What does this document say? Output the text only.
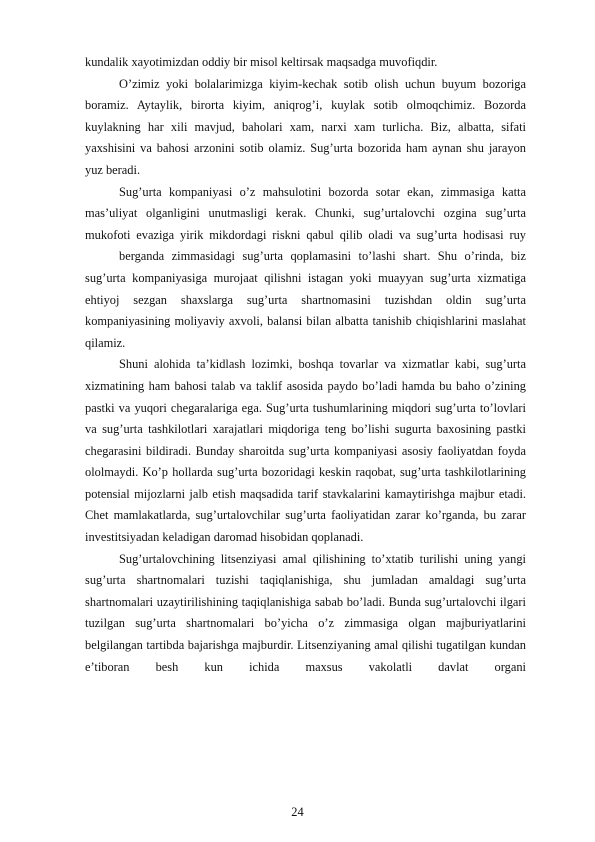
kundalik xayotimizdan oddiy bir misol keltirsak maqsadga muvofiqdir.

O’zimiz yoki bolalarimizga kiyim-kechak sotib olish uchun buyum bozoriga boramiz. Aytaylik, birorta kiyim, aniqrog’i, kuylak sotib olmoqchimiz. Bozorda kuylakning har xili mavjud, baholari xam, narxi xam turlicha. Biz, albatta, sifati yaxshisini va bahosi arzonini sotib olamiz. Sug’urta bozorida ham aynan shu jarayon yuz beradi.

Sug’urta kompaniyasi o’z mahsulotini bozorda sotar ekan, zimmasiga katta mas’uliyat olganligini unutmasligi kerak. Chunki, sug’urtalovchi ozgina sug’urta mukofoti evaziga yirik mikdordagi riskni qabul qilib oladi va sug’urta hodisasi ruy

berganda zimmasidagi sug’urta qoplamasini to’lashi shart. Shu o’rinda, biz sug’urta kompaniyasiga murojaat qilishni istagan yoki muayyan sug’urta xizmatiga ehtiyoj sezgan shaxslarga sug’urta shartnomasini tuzishdan oldin sug’urta kompaniyasining moliyaviy axvoli, balansi bilan albatta tanishib chiqishlarini maslahat qilamiz.

Shuni alohida ta’kidlash lozimki, boshqa tovarlar va xizmatlar kabi, sug’urta xizmatining ham bahosi talab va taklif asosida paydo bo’ladi hamda bu baho o’zining pastki va yuqori chegaralariga ega. Sug’urta tushumlarining miqdori sug’urta to’lovlari va sug’urta tashkilotlari xarajatlari miqdoriga teng bo’lishi sugurta baxosining pastki chegarasini bildiradi. Bunday sharoitda sug’urta kompaniyasi asosiy faoliyatdan foyda ololmaydi. Ko’p hollarda sug’urta bozoridagi keskin raqobat, sug’urta tashkilotlarining potensial mijozlarni jalb etish maqsadida tarif stavkalarini kamaytirishga majbur etadi. Chet mamlakatlarda, sug’urtalovchilar sug’urta faoliyatidan zarar ko’rganda, bu zarar investitsiyadan keladigan daromad hisobidan qoplanadi.

Sug’urtalovchining litsenziyasi amal qilishining to’xtatib turilishi uning yangi sug’urta shartnomalari tuzishi taqiqlanishiga, shu jumladan amaldagi sug’urta shartnomalari uzaytirilishining taqiqlanishiga sabab bo’ladi. Bunda sug’urtalovchi ilgari tuzilgan sug’urta shartnomalari bo’yicha o’z zimmasiga olgan majburiyatlarini belgilangan tartibda bajarishga majburdir. Litsenziyaning amal qilishi tugatilgan kundan e’tiboran besh kun ichida maxsus vakolatli davlat organi

24
